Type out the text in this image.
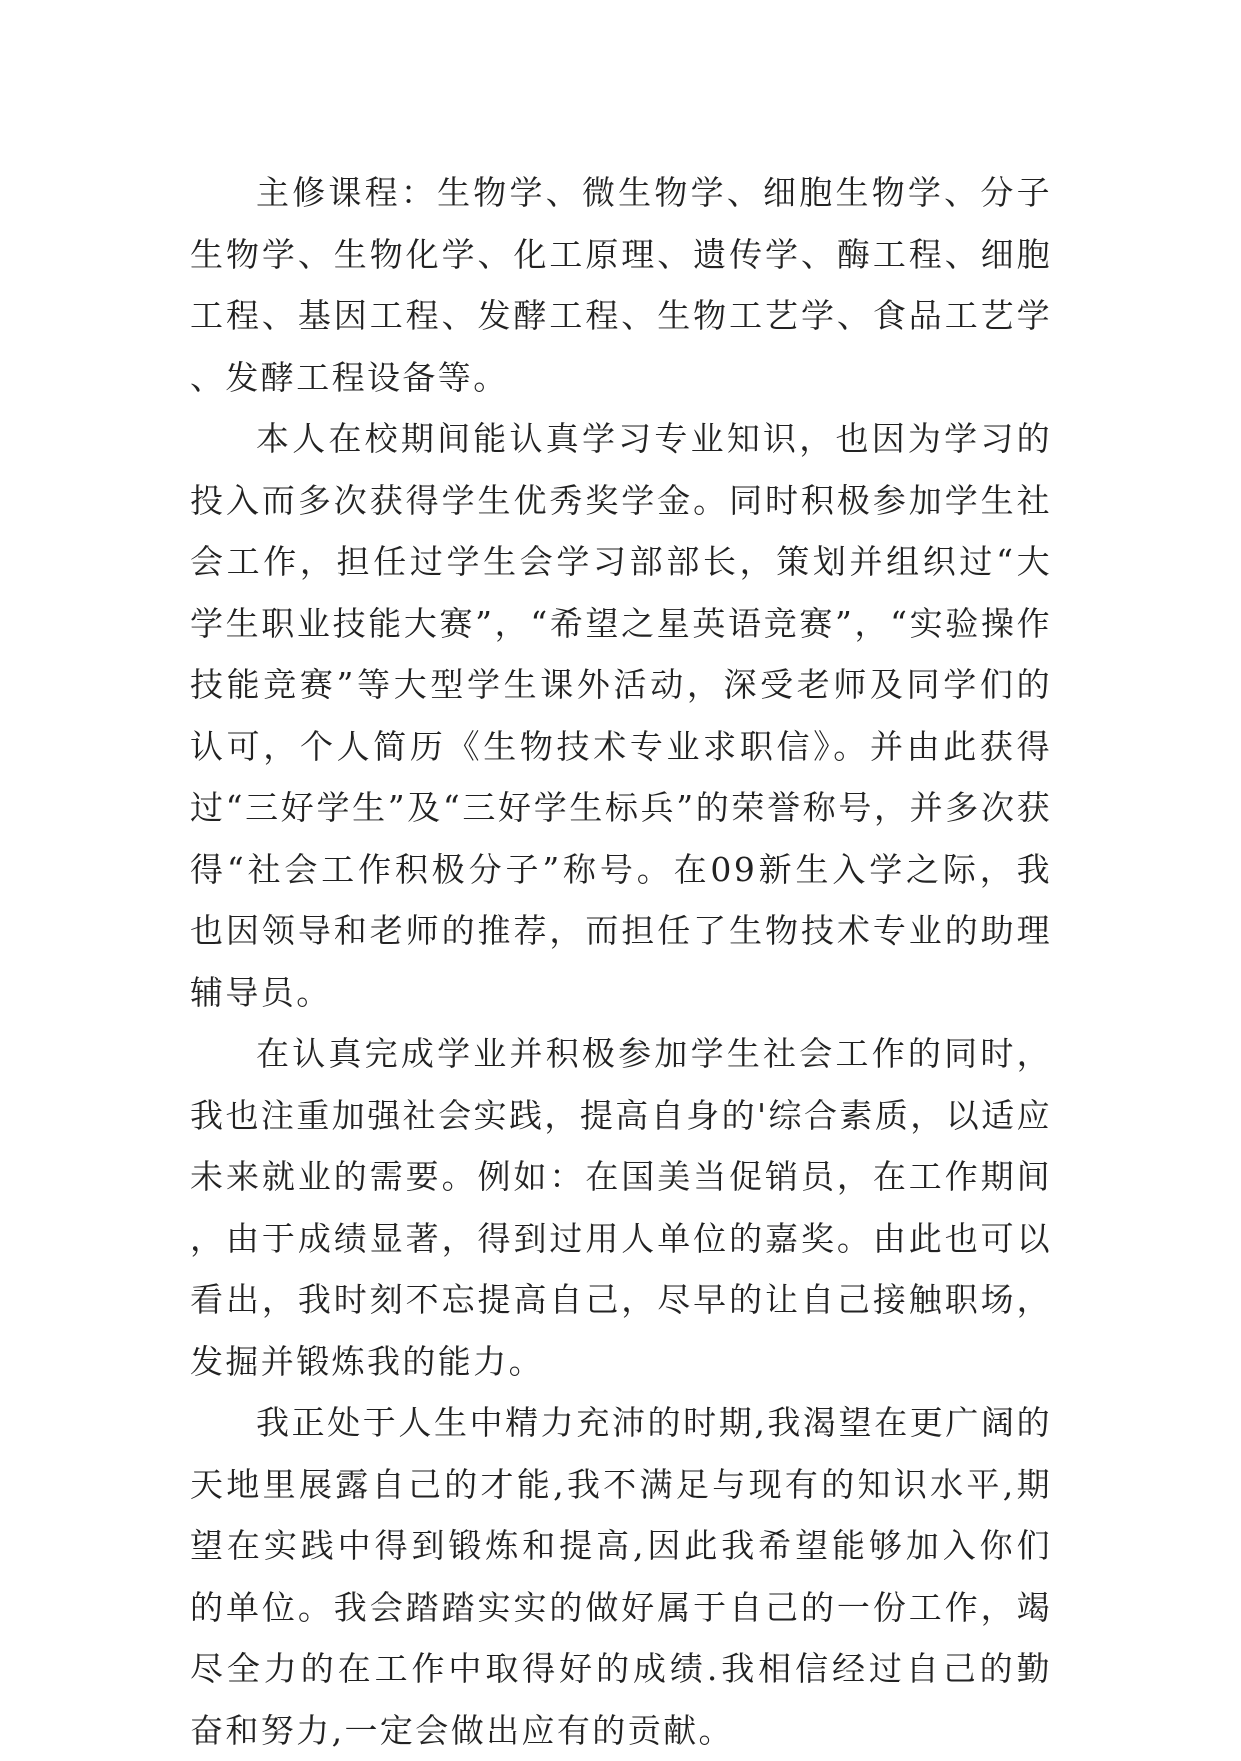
主修课程：生物学、微生物学、细胞生物学、分子生物学、生物化学、化工原理、遗传学、酶工程、细胞工程、基因工程、发酵工程、生物工艺学、食品工艺学、发酵工程设备等。

本人在校期间能认真学习专业知识，也因为学习的投入而多次获得学生优秀奖学金。同时积极参加学生社会工作，担任过学生会学习部部长，策划并组织过“大学生职业技能大赛”，“希望之星英语竞赛”，“实验操作技能竞赛”等大型学生课外活动，深受老师及同学们的认可，个人简历《生物技术专业求职信》。并由此获得过“三好学生”及“三好学生标兵”的荣誉称号，并多次获得“社会工作积极分子”称号。在09新生入学之际，我也因领导和老师的推荐，而担任了生物技术专业的助理辅导员。

在认真完成学业并积极参加学生社会工作的同时，我也注重加强社会实践，提高自身的'综合素质，以适应未来就业的需要。例如：在国美当促销员，在工作期间，由于成绩显著，得到过用人单位的嘉奖。由此也可以看出，我时刻不忘提高自己，尽早的让自己接触职场，发掘并锻炼我的能力。

我正处于人生中精力充沛的时期,我渴望在更广阔的天地里展露自己的才能,我不满足与现有的知识水平,期望在实践中得到锻炼和提高,因此我希望能够加入你们的单位。我会踏踏实实的做好属于自己的一份工作，竭尽全力的在工作中取得好的成绩.我相信经过自己的勤奋和努力,一定会做出应有的贡献。
